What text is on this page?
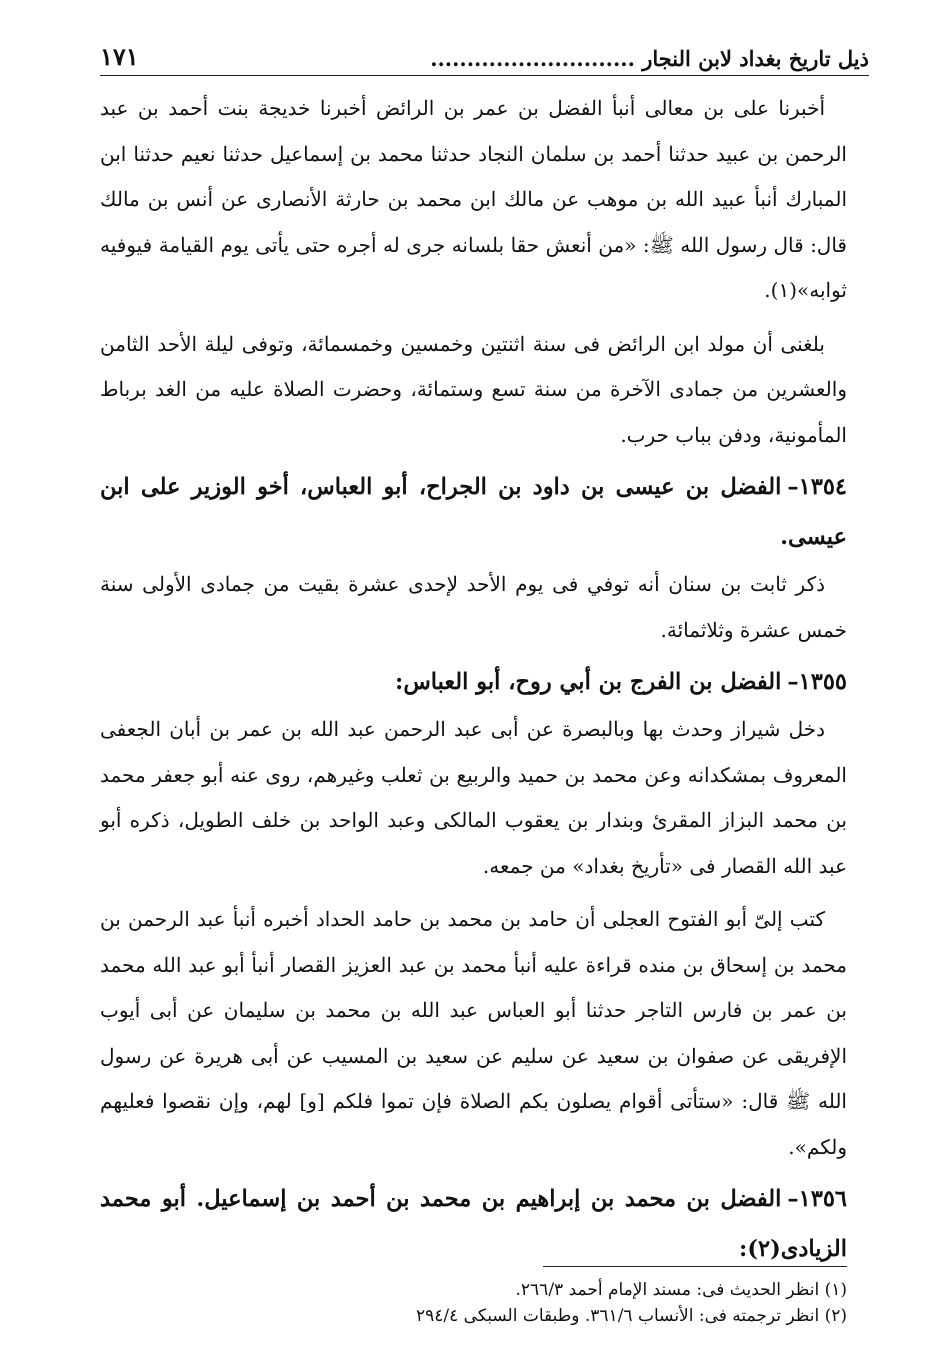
ذيل تاريخ بغداد لابن النجار ............................
١٧١

أخبرنا على بن معالى أنبأ الفضل بن عمر بن الرائض أخبرنا خديجة بنت أحمد بن عبد الرحمن بن عبيد حدثنا أحمد بن سلمان النجاد حدثنا محمد بن إسماعيل حدثنا نعيم حدثنا ابن المبارك أنبأ عبيد الله بن موهب عن مالك ابن محمد بن حارثة الأنصارى عن أنس بن مالك قال: قال رسول الله ﷺ: «من أنعش حقا بلسانه جرى له أجره حتى يأتى يوم القيامة فيوفيه ثوابه»(١).

بلغنى أن مولد ابن الرائض فى سنة اثنتين وخمسين وخمسمائة، وتوفى ليلة الأحد الثامن والعشرين من جمادى الآخرة من سنة تسع وستمائة، وحضرت الصلاة عليه من الغد برباط المأمونية، ودفن بباب حرب.

١٣٥٤–الفضل بن عيسى بن داود بن الجراح، أبو العباس، أخو الوزير على ابن عيسى.

ذكر ثابت بن سنان أنه توفي فى يوم الأحد لإحدى عشرة بقيت من جمادى الأولى سنة خمس عشرة وثلاثمائة.

١٣٥٥–الفضل بن الفرج بن أبي روح، أبو العباس:

دخل شيراز وحدث بها وبالبصرة عن أبى عبد الرحمن عبد الله بن عمر بن أبان الجعفى المعروف بمشكدانه وعن محمد بن حميد والربيع بن ثعلب وغيرهم، روى عنه أبو جعفر محمد بن محمد البزاز المقرئ وبندار بن يعقوب المالكى وعبد الواحد بن خلف الطويل، ذكره أبو عبد الله القصار فى «تأريخ بغداد» من جمعه.

كتب إلىّ أبو الفتوح العجلى أن حامد بن محمد بن حامد الحداد أخبره أنبأ عبد الرحمن بن محمد بن إسحاق بن منده قراءة عليه أنبأ محمد بن عبد العزيز القصار أنبأ أبو عبد الله محمد بن عمر بن فارس التاجر حدثنا أبو العباس عبد الله بن محمد بن سليمان عن أبى أيوب الإفريقى عن صفوان بن سعيد عن سليم عن سعيد بن المسيب عن أبى هريرة عن رسول الله ﷺ قال: «ستأتى أقوام يصلون بكم الصلاة فإن تموا فلكم [و] لهم، وإن نقصوا فعليهم ولكم».

١٣٥٦–الفضل بن محمد بن إبراهيم بن محمد بن أحمد بن إسماعيل. أبو محمد الزيادى(٢):

(١) انظر الحديث فى: مسند الإمام أحمد ٢٦٦/٣.

(٢) انظر ترجمته فى: الأنساب ٣٦١/٦. وطبقات السبكى ٢٩٤/٤
